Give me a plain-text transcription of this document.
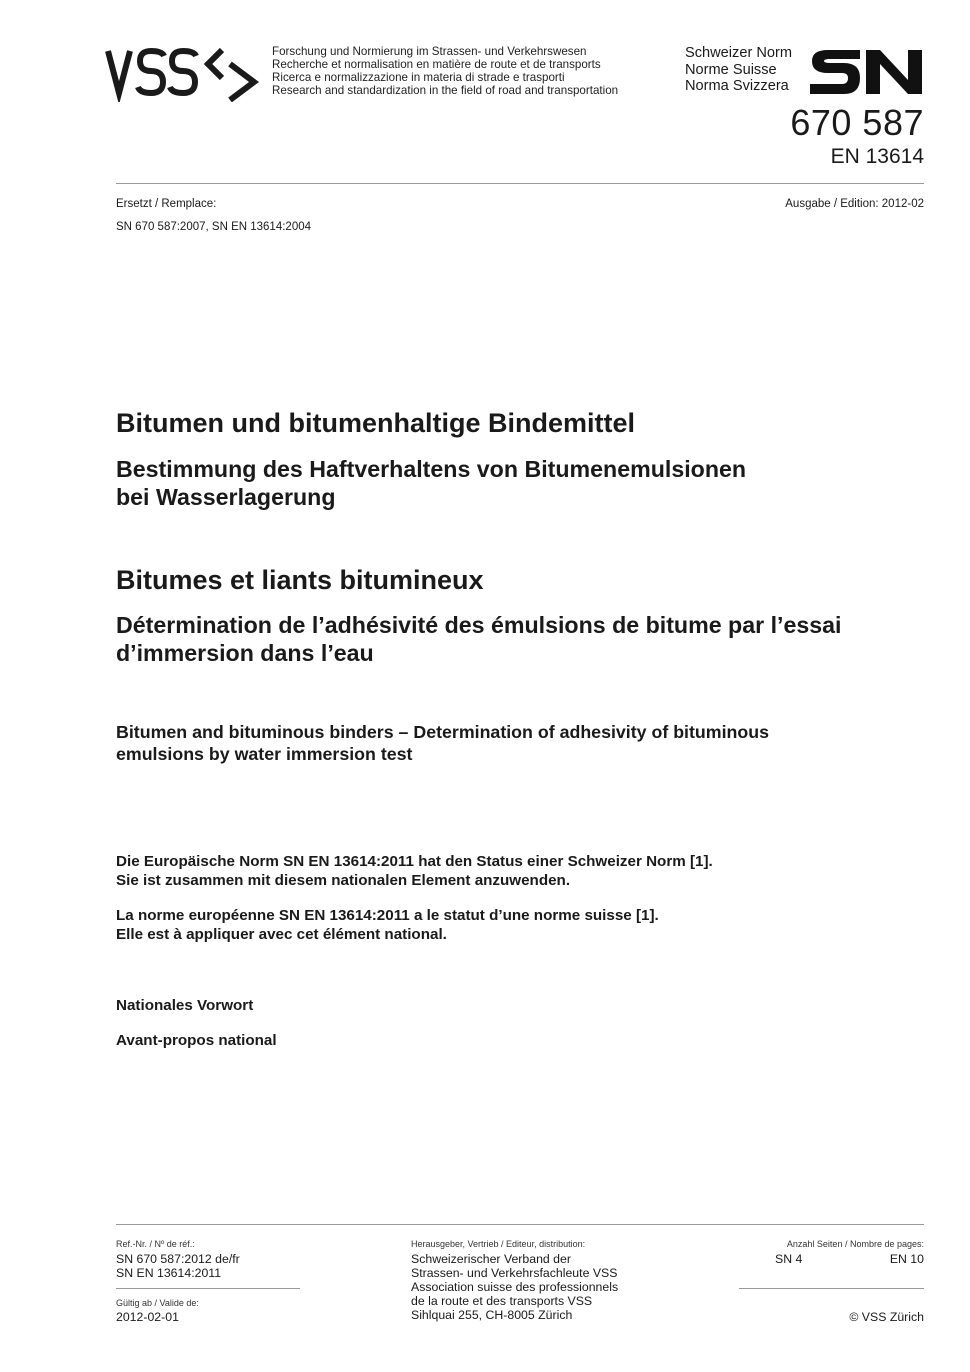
Forschung und Normierung im Strassen- und Verkehrswesen
Recherche et normalisation en matière de route et de transports
Ricerca e normalizzazione in materia di strade e trasporti
Research and standardization in the field of road and transportation
Schweizer Norm
Norme Suisse
Norma Svizzera
670 587
EN 13614
Ersetzt / Remplace:
SN 670 587:2007, SN EN 13614:2004
Ausgabe / Edition: 2012-02
Bitumen und bitumenhaltige Bindemittel
Bestimmung des Haftverhaltens von Bitumenemulsionen
bei Wasserlagerung
Bitumes et liants bitumineux
Détermination de l’adhésivité des émulsions de bitume par l’essai
d’immersion dans l’eau
Bitumen and bituminous binders – Determination of adhesivity of bituminous
emulsions by water immersion test
Die Europäische Norm SN EN 13614:2011 hat den Status einer Schweizer Norm [1].
Sie ist zusammen mit diesem nationalen Element anzuwenden.
La norme européenne SN EN 13614:2011 a le statut d’une norme suisse [1].
Elle est à appliquer avec cet élément national.
Nationales Vorwort
Avant-propos national
Ref.-Nr. / Nº de réf.:
SN 670 587:2012 de/fr
SN EN 13614:2011
Gültig ab / Valide de:
2012-02-01
Herausgeber, Vertrieb / Editeur, distribution:
Schweizerischer Verband der
Strassen- und Verkehrsfachleute VSS
Association suisse des professionnels
de la route et des transports VSS
Sihlquai 255, CH-8005 Zürich
Anzahl Seiten / Nombre de pages:
SN 4	EN 10
© VSS Zürich
